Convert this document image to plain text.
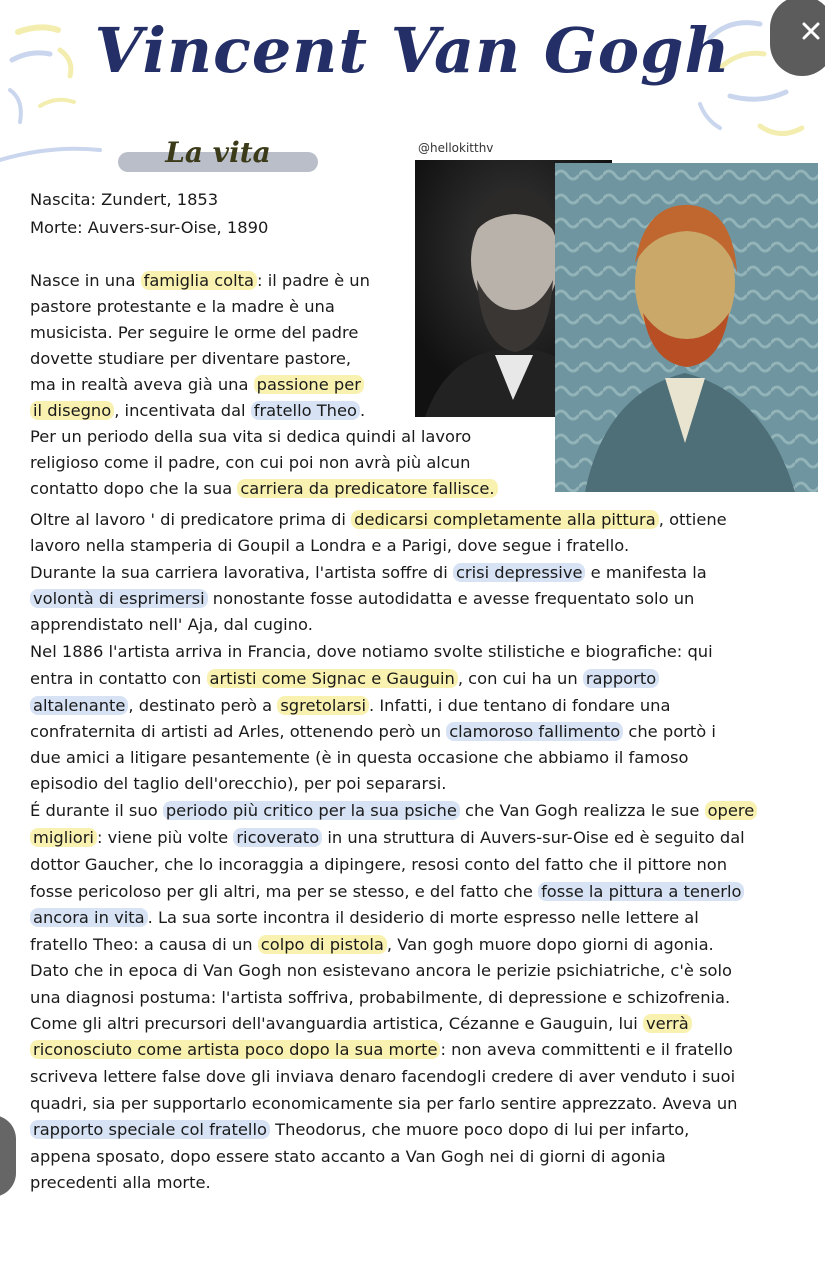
Vincent Van Gogh
La vita	@hellokitthv

Nascita: Zundert, 1853

Morte: Auvers-sur-Oise, 1890

Nasce in una famiglia colta : il padre è un

pastore protestante e la madre è una

musicista. Per seguire le orme del padre

dovette studiare per diventare pastore,

ma in realtà aveva già una passione per

il disegno , incentivata dal fratello Theo .

Per un periodo della sua vita si dedica quindi al lavoro

religioso come il padre, con cui poi non avrà più alcun

contatto dopo che la sua carriera da predicatore fallisce.

Oltre al lavoro ' di predicatore prima di dedicarsi completamente alla pittura , ottiene

lavoro nella stamperia di Goupil a Londra e a Parigi, dove segue i fratello.

Durante la sua carriera lavorativa, l'artista soffre di crisi depressive e manifesta la

volontà di esprimersi nonostante fosse autodidatta e avesse frequentato solo un

apprendistato nell' Aja, dal cugino.

Nel 1886 l'artista arriva in Francia, dove notiamo svolte stilistiche e biografiche: qui

entra in contatto con artisti come Signac e Gauguin , con cui ha un rapporto

altalenante , destinato però a sgretolarsi . Infatti, i due tentano di fondare una

confraternita di artisti ad Arles, ottenendo però un clamoroso fallimento che portò i

due amici a litigare pesantemente (è in questa occasione che abbiamo il famoso

episodio del taglio dell'orecchio), per poi separarsi.

É durante il suo periodo più critico per la sua psiche che Van Gogh realizza le sue opere

migliori : viene più volte ricoverato in una struttura di Auvers-sur-Oise ed è seguito dal

dottor Gaucher, che lo incoraggia a dipingere, resosi conto del fatto che il pittore non

fosse pericoloso per gli altri, ma per se stesso, e del fatto che fosse la pittura a tenerlo

ancora in vita . La sua sorte incontra il desiderio di morte espresso nelle lettere al

fratello Theo: a causa di un colpo di pistola , Van gogh muore dopo giorni di agonia.

Dato che in epoca di Van Gogh non esistevano ancora le perizie psichiatriche, c'è solo

una diagnosi postuma: l'artista soffriva, probabilmente, di depressione e schizofrenia.

Come gli altri precursori dell'avanguardia artistica, Cézanne e Gauguin, lui verrà

riconosciuto come artista poco dopo la sua morte : non aveva committenti e il fratello

scriveva lettere false dove gli inviava denaro facendogli credere di aver venduto i suoi

quadri, sia per supportarlo economicamente sia per farlo sentire apprezzato. Aveva un

rapporto speciale col fratello Theodorus, che muore poco dopo di lui per infarto,

appena sposato, dopo essere stato accanto a Van Gogh nei di giorni di agonia

precedenti alla morte.
